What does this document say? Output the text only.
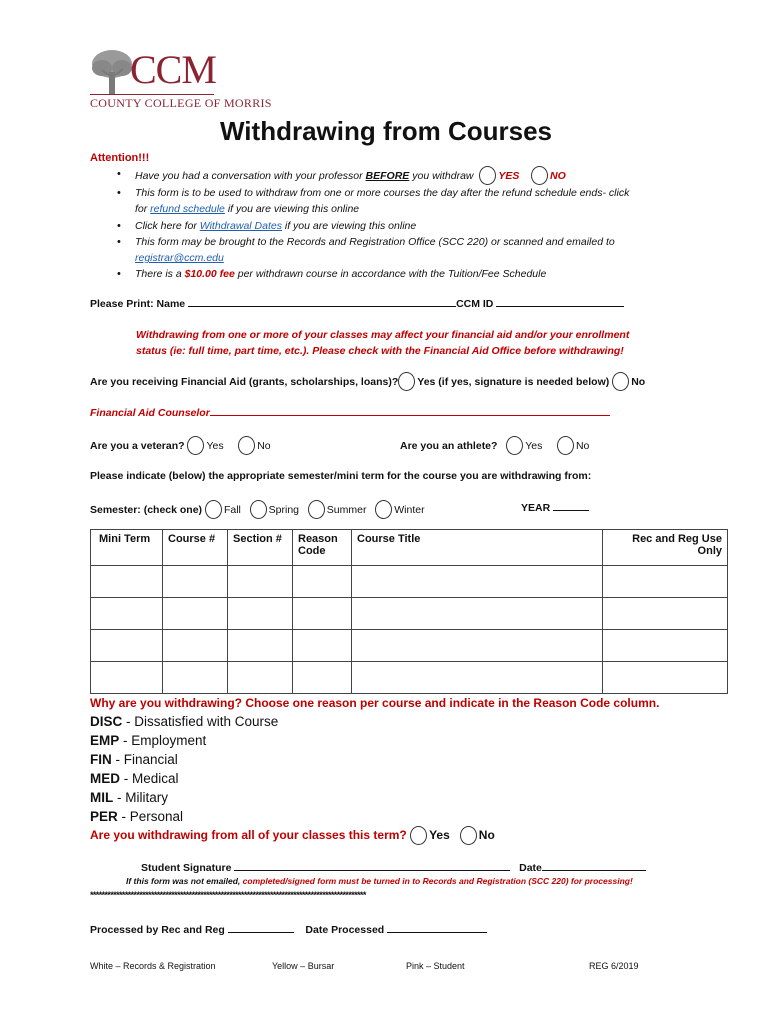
CCM
COUNTY COLLEGE OF MORRIS
Withdrawing from Courses
Attention!!!
• Have you had a conversation with your professor BEFORE you withdraw YES	NO
• This form is to be used to withdraw from one or more courses the day after the refund schedule ends- click
for refund schedule if you are viewing this online
• Click here for Withdrawal Dates if you are viewing this online
• This form may be brought to the Records and Registration Office (SCC 220) or scanned and emailed to
registrar@ccm.edu
• There is a $10.00 fee per withdrawn course in accordance with the Tuition/Fee Schedule
Please Print: Name	CCM ID
Withdrawing from one or more of your classes may affect your financial aid and/or your enrollment
status (ie: full time, part time, etc.). Please check with the Financial Aid Office before withdrawing!
Are you receiving Financial Aid (grants, scholarships, loans)? Yes (if yes, signature is needed below) No
Financial Aid Counselor
Are you a veteran? Yes	No	Are you an athlete?	Yes	No
Please indicate (below) the appropriate semester/mini term for the course you are withdrawing from:
Semester: (check one) Fall	Spring	Summer	Winter	YEAR
Mini Term	Course #	Section #	Reason Code	Course Title	Rec and Reg Use Only

Why are you withdrawing? Choose one reason per course and indicate in the Reason Code column.
DISC - Dissatisfied with Course
EMP - Employment
FIN - Financial
MED - Medical
MIL - Military
PER - Personal
Are you withdrawing from all of your classes this term? Yes No
Student Signature	Date
If this form was not emailed, completed/signed form must be turned in to Records and Registration (SCC 220) for processing!
***********************************************************************************************
Processed by Rec and Reg	Date Processed
White – Records & Registration	Yellow – Bursar	Pink – Student	REG 6/2019
